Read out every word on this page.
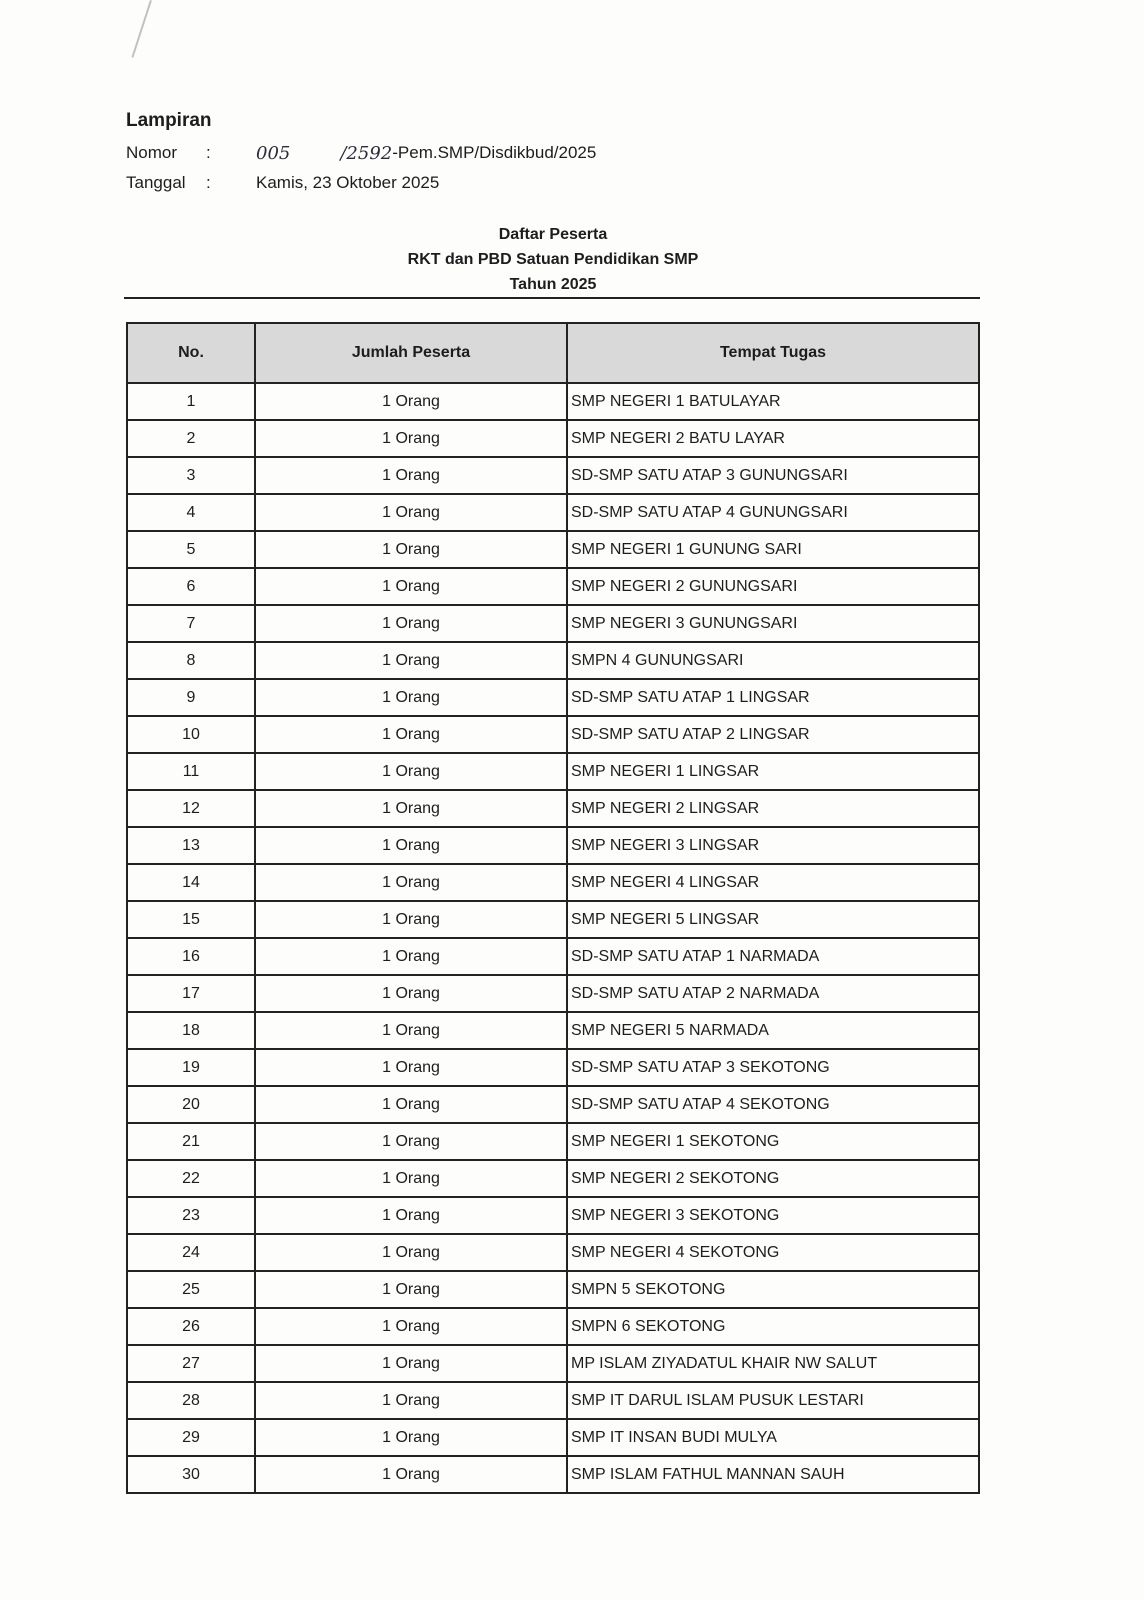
Lampiran
Nomor	:	005	/2592 -Pem.SMP/Disdikbud/2025
Tanggal	:	Kamis, 23 Oktober 2025
Daftar Peserta
RKT dan PBD Satuan Pendidikan SMP
Tahun 2025
No.	Jumlah Peserta	Tempat Tugas
1	1 Orang	SMP NEGERI 1 BATULAYAR
2	1 Orang	SMP NEGERI 2 BATU LAYAR
3	1 Orang	SD-SMP SATU ATAP 3 GUNUNGSARI
4	1 Orang	SD-SMP SATU ATAP 4 GUNUNGSARI
5	1 Orang	SMP NEGERI 1 GUNUNG SARI
6	1 Orang	SMP NEGERI 2 GUNUNGSARI
7	1 Orang	SMP NEGERI 3 GUNUNGSARI
8	1 Orang	SMPN 4 GUNUNGSARI
9	1 Orang	SD-SMP SATU ATAP 1 LINGSAR
10	1 Orang	SD-SMP SATU ATAP 2 LINGSAR
11	1 Orang	SMP NEGERI 1 LINGSAR
12	1 Orang	SMP NEGERI 2 LINGSAR
13	1 Orang	SMP NEGERI 3 LINGSAR
14	1 Orang	SMP NEGERI 4 LINGSAR
15	1 Orang	SMP NEGERI 5 LINGSAR
16	1 Orang	SD-SMP SATU ATAP 1 NARMADA
17	1 Orang	SD-SMP SATU ATAP 2 NARMADA
18	1 Orang	SMP NEGERI 5 NARMADA
19	1 Orang	SD-SMP SATU ATAP 3 SEKOTONG
20	1 Orang	SD-SMP SATU ATAP 4 SEKOTONG
21	1 Orang	SMP NEGERI 1 SEKOTONG
22	1 Orang	SMP NEGERI 2 SEKOTONG
23	1 Orang	SMP NEGERI 3 SEKOTONG
24	1 Orang	SMP NEGERI 4 SEKOTONG
25	1 Orang	SMPN 5 SEKOTONG
26	1 Orang	SMPN 6 SEKOTONG
27	1 Orang	MP ISLAM ZIYADATUL KHAIR NW SALUT
28	1 Orang	SMP IT DARUL ISLAM PUSUK LESTARI
29	1 Orang	SMP IT INSAN BUDI MULYA
30	1 Orang	SMP ISLAM FATHUL MANNAN SAUH
